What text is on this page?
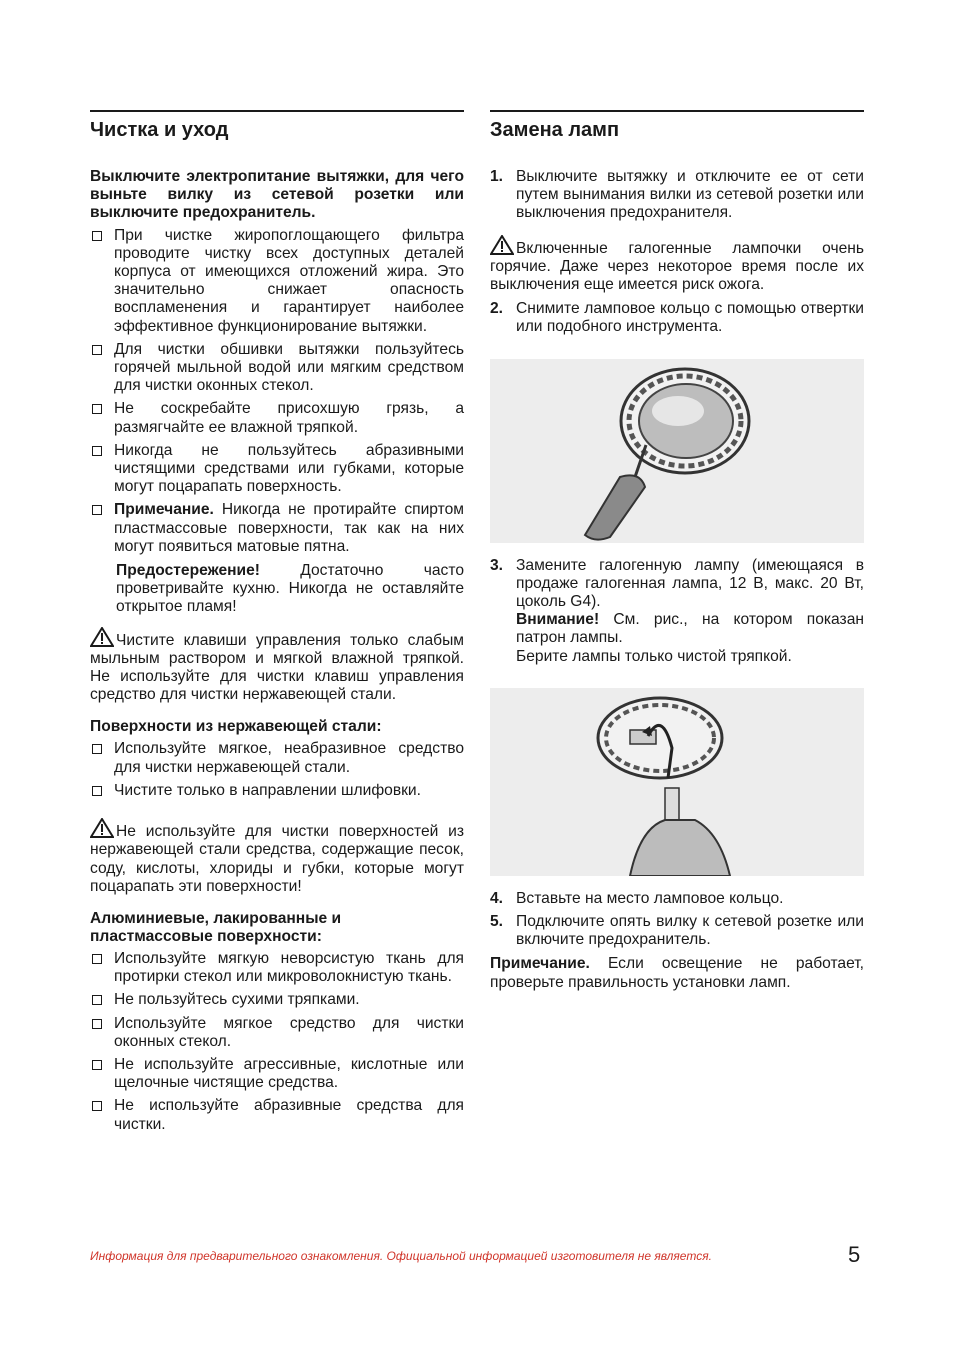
Чистка и уход

Выключите электропитание вытяжки, для чего выньте вилку из сетевой розетки или выключите предохранитель.

При чистке жиропоглощающего фильтра проводите чистку всех доступных деталей корпуса от имеющихся отложений жира. Это значительно снижает опасность воспламенения и гарантирует наиболее эффективное функционирование вытяжки.
Для чистки обшивки вытяжки пользуйтесь горячей мыльной водой или мягким средством для чистки оконных стекол.
Не соскребайте присохшую грязь, а размягчайте ее влажной тряпкой.
Никогда не пользуйтесь абразивными чистящими средствами или губками, которые могут поцарапать поверхность.
Примечание. Никогда не протирайте спиртом пластмассовые поверхности, так как на них могут появиться матовые пятна.

Предостережение! Достаточно часто проветривайте кухню. Никогда не оставляйте открытое пламя!

Чистите клавиши управления только слабым мыльным раствором и мягкой влажной тряпкой. Не используйте для чистки клавиш управления средство для чистки нержавеющей стали.

Поверхности из нержавеющей стали:
Используйте мягкое, неабразивное средство для чистки нержавеющей стали.
Чистите только в направлении шлифовки.

Не используйте для чистки поверхностей из нержавеющей стали средства, содержащие песок, соду, кислоты, хлориды и губки, которые могут поцарапать эти поверхности!

Алюминиевые, лакированные и пластмассовые поверхности:
Используйте мягкую неворсистую ткань для протирки стекол или микроволокнистую ткань.
Не пользуйтесь сухими тряпками.
Используйте мягкое средство для чистки оконных стекол.
Не используйте агрессивные, кислотные или щелочные чистящие средства.
Не используйте абразивные средства для чистки.
Замена ламп
1. Выключите вытяжку и отключите ее от сети путем вынимания вилки из сетевой розетки или выключения предохранителя.

Включенные галогенные лампочки очень горячие. Даже через некоторое время после их выключения еще имеется риск ожога.

2. Снимите ламповое кольцо с помощью отвертки или подобного инструмента.
3. Замените галогенную лампу (имеющаяся в продаже галогенная лампа, 12 В, макс. 20 Вт, цоколь G4).
Внимание! См. рис., на котором показан патрон лампы.
Берите лампы только чистой тряпкой.
4. Вставьте на место ламповое кольцо.
5. Подключите опять вилку к сетевой розетке или включите предохранитель.

Примечание. Если освещение не работает, проверьте правильность установки ламп.

Информация для предварительного ознакомления. Официальной информацией изготовителя не является.	5
